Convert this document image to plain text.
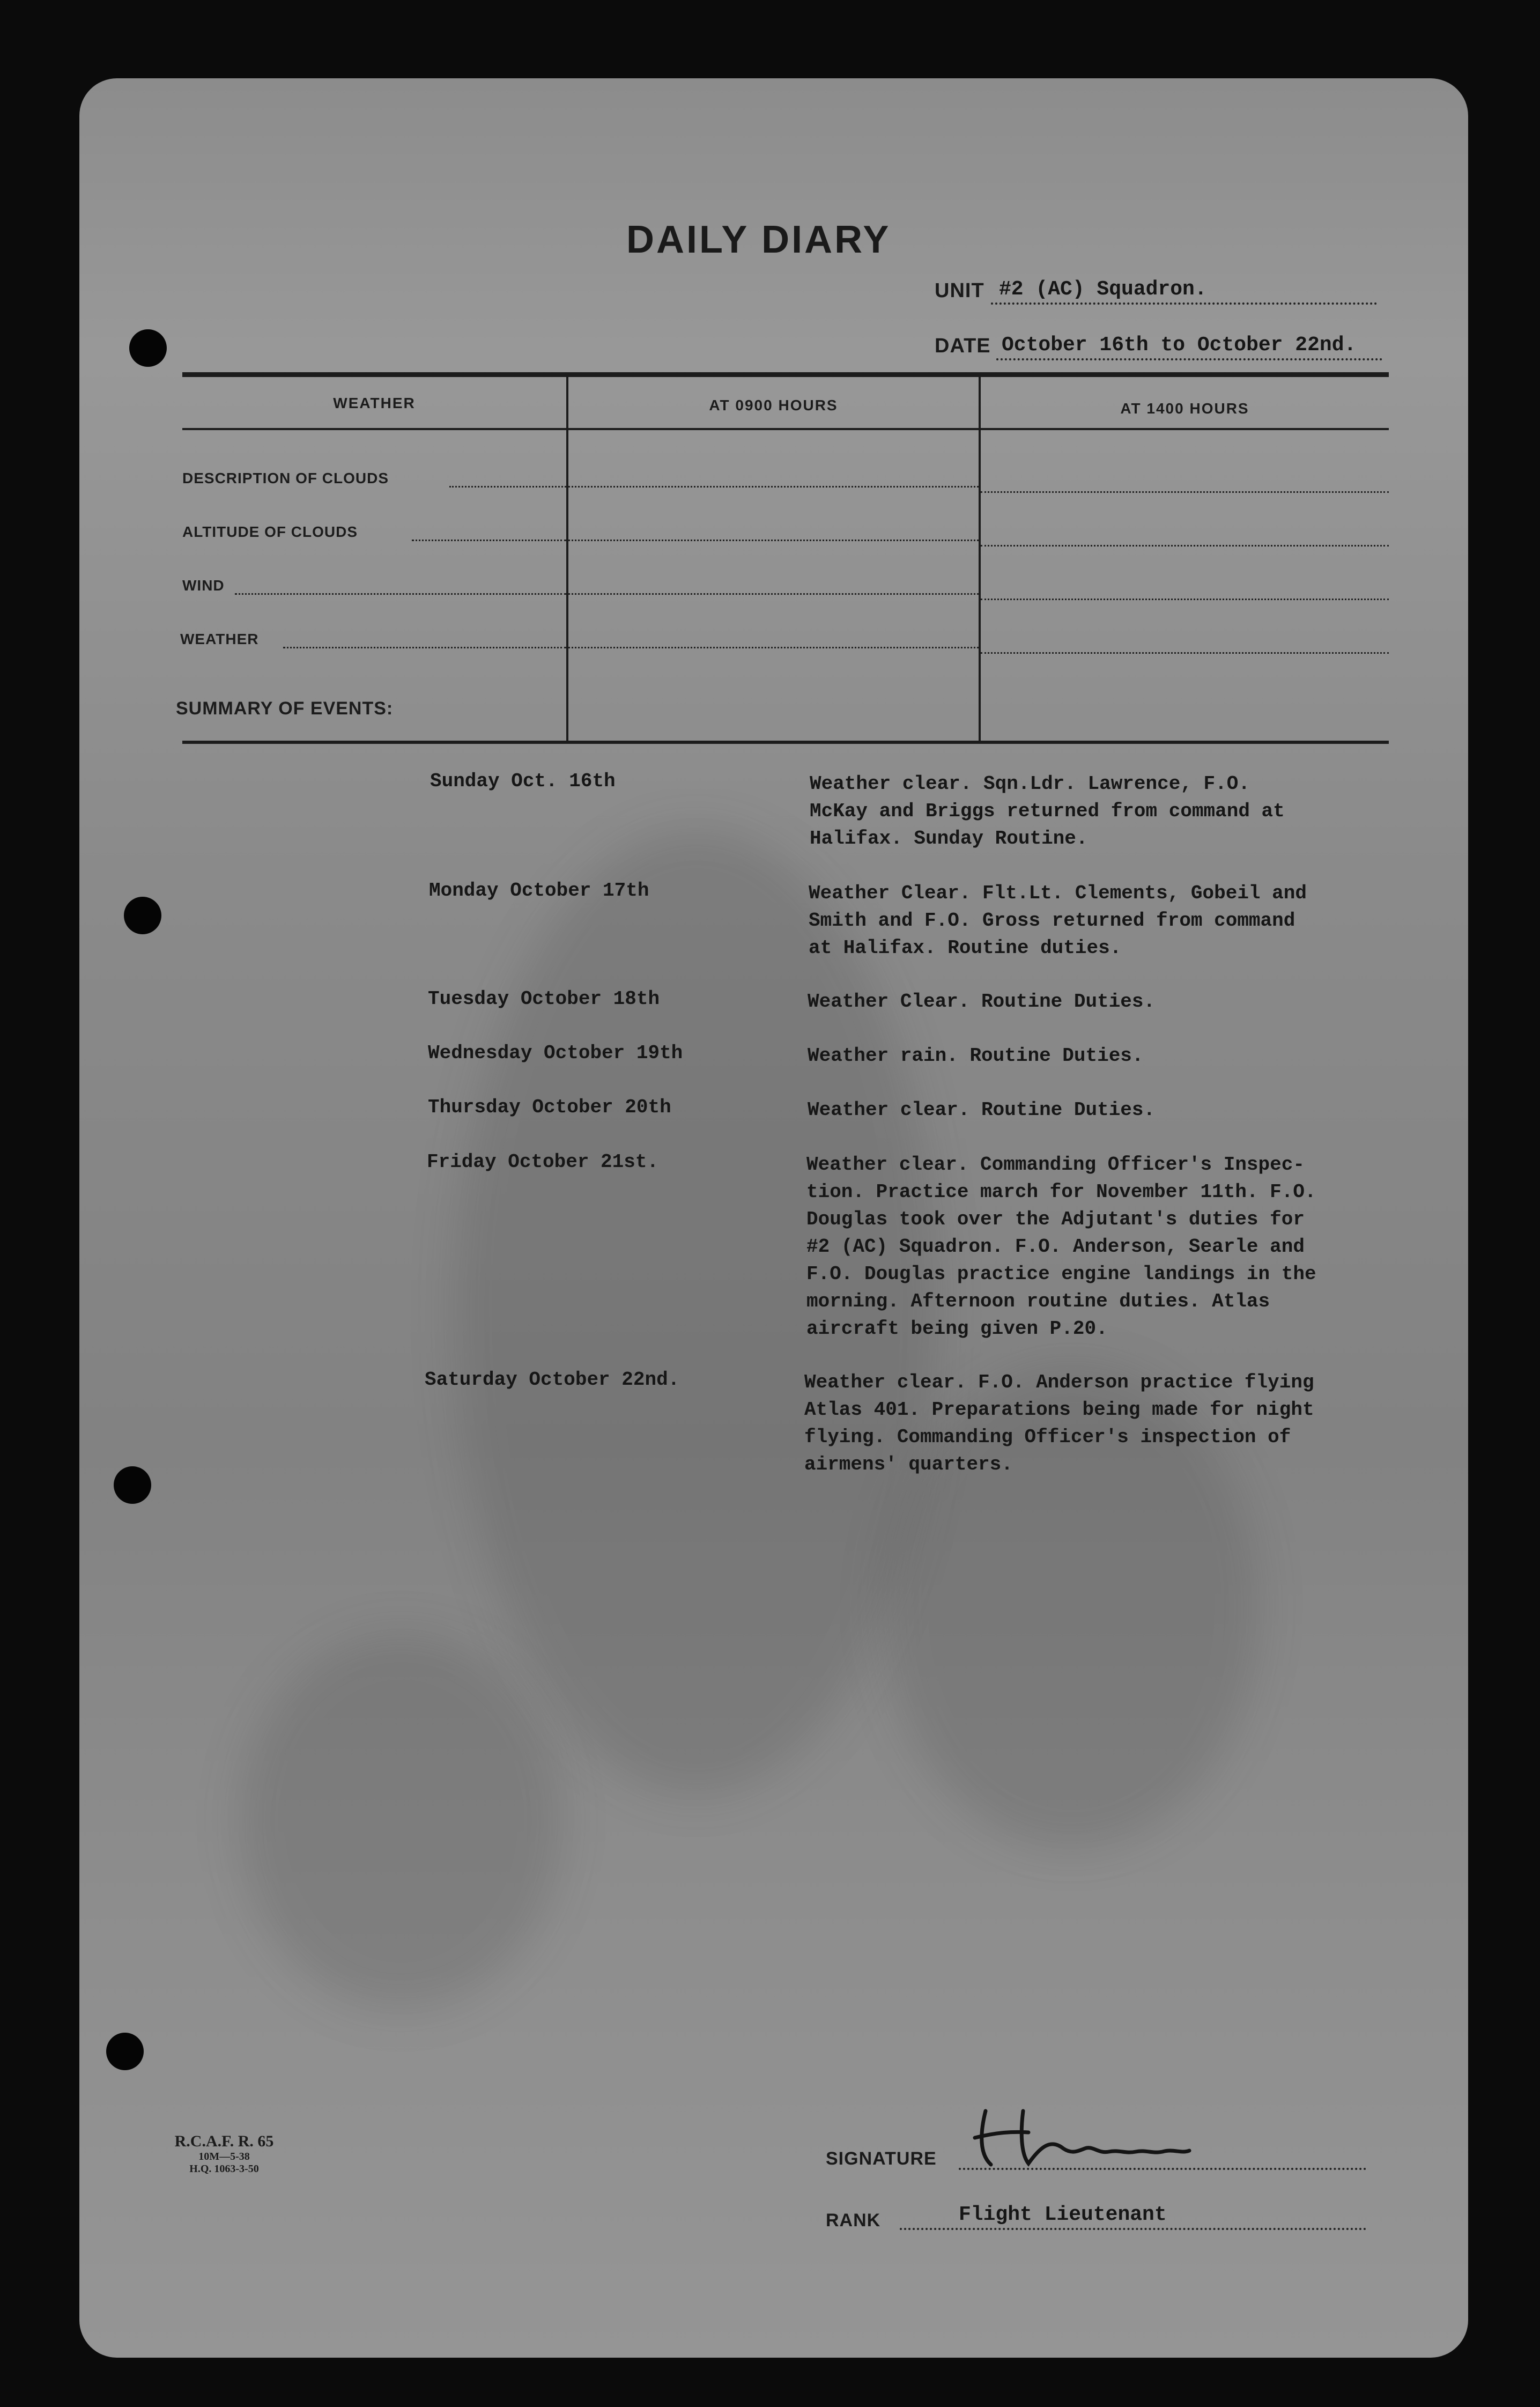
DAILY DIARY
UNIT #2 (AC) Squadron.
DATE October 16th to October 22nd.
WEATHER	AT 0900 HOURS	AT 1400 HOURS
DESCRIPTION OF CLOUDS
ALTITUDE OF CLOUDS
WIND
WEATHER
SUMMARY OF EVENTS:
Sunday Oct. 16th	Weather clear. Sqn.Ldr. Lawrence, F.O.
McKay and Briggs returned from command at
Halifax. Sunday Routine.
Monday October 17th	Weather Clear. Flt.Lt. Clements, Gobeil and
Smith and F.O. Gross returned from command
at Halifax. Routine duties.
Tuesday October 18th	Weather Clear. Routine Duties.
Wednesday October 19th	Weather rain. Routine Duties.
Thursday October 20th	Weather clear. Routine Duties.
Friday October 21st.	Weather clear. Commanding Officer's Inspec-
tion. Practice march for November 11th. F.O.
Douglas took over the Adjutant's duties for
#2 (AC) Squadron. F.O. Anderson, Searle and
F.O. Douglas practice engine landings in the
morning. Afternoon routine duties. Atlas
aircraft being given P.20.
Saturday October 22nd.	Weather clear. F.O. Anderson practice flying
Atlas 401. Preparations being made for night
flying. Commanding Officer's inspection of
airmens' quarters.
R.C.A.F. R. 65
10M—5-38
H.Q. 1063-3-50	SIGNATURE
RANK	Flight Lieutenant
